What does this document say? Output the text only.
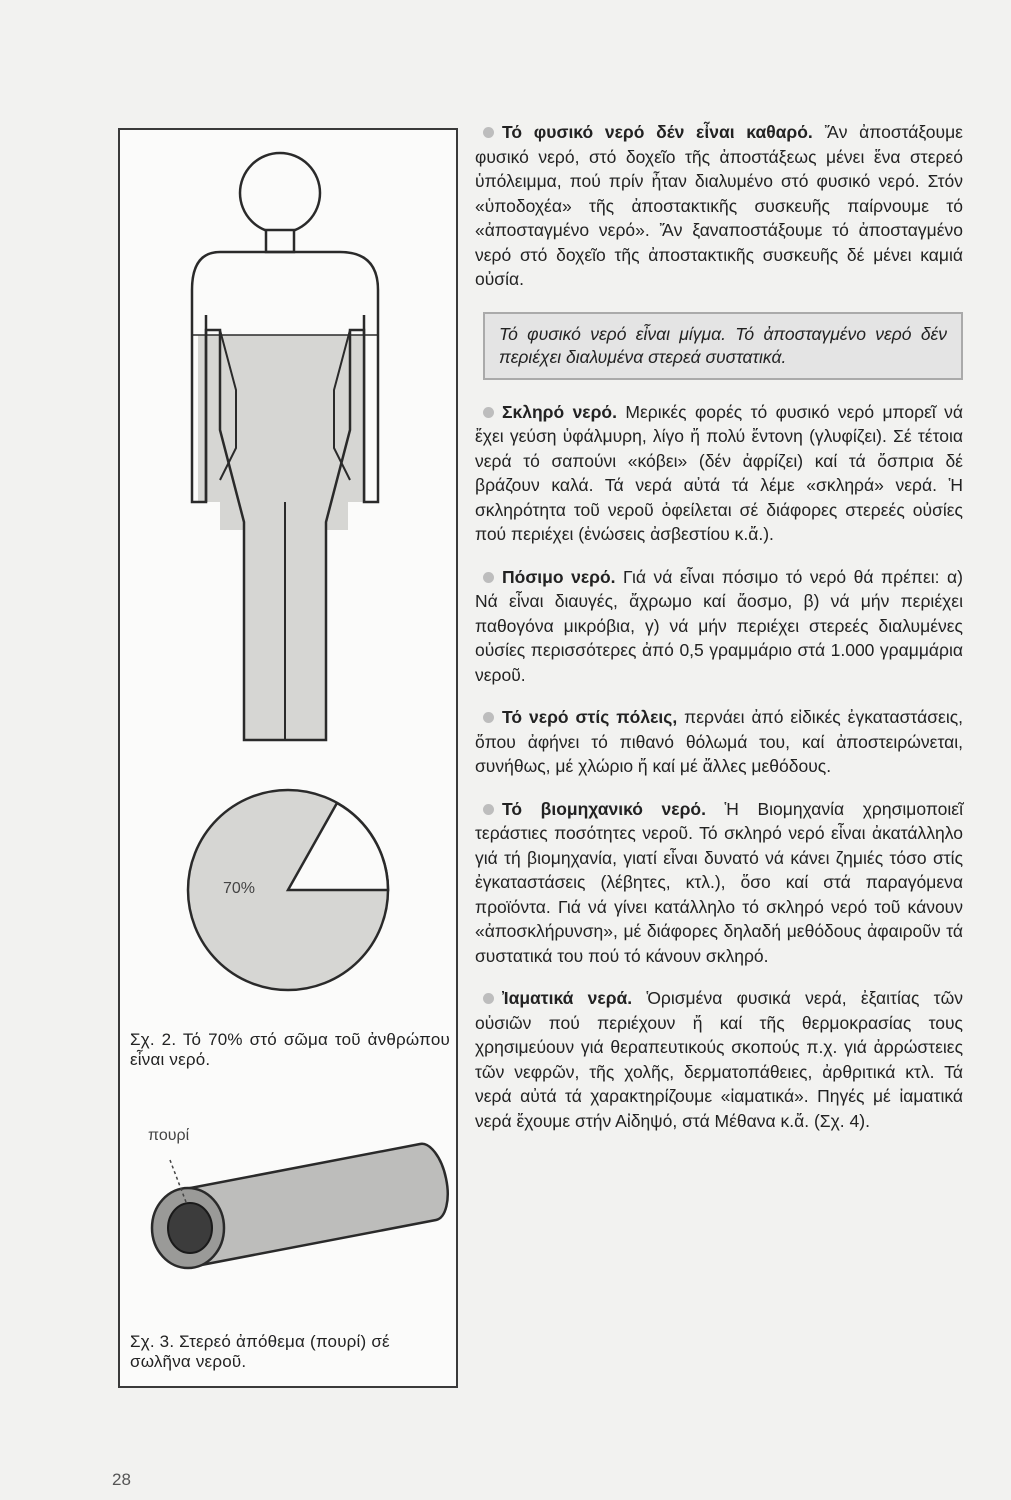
70%
Σχ. 2. Τό 70% στό σῶμα τοῦ ἀνθρώπου εἶναι νερό.
πουρί
Σχ. 3. Στερεό ἀπόθεμα (πουρί) σέ σωλῆνα νεροῦ.

Τό φυσικό νερό δέν εἶναι καθαρό. Ἄν ἀποστάξουμε φυσικό νερό, στό δοχεῖο τῆς ἀποστάξεως μένει ἕνα στερεό ὑπόλειμμα, πού πρίν ἦταν διαλυμένο στό φυσικό νερό. Στόν «ὑποδοχέα» τῆς ἀποστακτικῆς συσκευῆς παίρνουμε τό «ἀποσταγμένο νερό». Ἄν ξαναποστάξουμε τό ἀποσταγμένο νερό στό δοχεῖο τῆς ἀποστακτικῆς συσκευῆς δέ μένει καμιά οὐσία.

Τό φυσικό νερό εἶναι μίγμα. Τό ἀποσταγμένο νερό δέν περιέχει διαλυμένα στερεά συστατικά.

Σκληρό νερό. Μερικές φορές τό φυσικό νερό μπορεῖ νά ἔχει γεύση ὑφάλμυρη, λίγο ἤ πολύ ἔντονη (γλυφίζει). Σέ τέτοια νερά τό σαπούνι «κόβει» (δέν ἀφρίζει) καί τά ὄσπρια δέ βράζουν καλά. Τά νερά αὐτά τά λέμε «σκληρά» νερά. Ἡ σκληρότητα τοῦ νεροῦ ὀφείλεται σέ διάφορες στερεές οὐσίες πού περιέχει (ἑνώσεις ἀσβεστίου κ.ἄ.).

Πόσιμο νερό. Γιά νά εἶναι πόσιμο τό νερό θά πρέπει: α) Νά εἶναι διαυγές, ἄχρωμο καί ἄοσμο, β) νά μήν περιέχει παθογόνα μικρόβια, γ) νά μήν περιέχει στερεές διαλυμένες οὐσίες περισσότερες ἀπό 0,5 γραμμάριο στά 1.000 γραμμάρια νεροῦ.

Τό νερό στίς πόλεις, περνάει ἀπό εἰδικές ἐγκαταστάσεις, ὅπου ἀφήνει τό πιθανό θόλωμά του, καί ἀποστειρώνεται, συνήθως, μέ χλώριο ἤ καί μέ ἄλλες μεθόδους.

Τό βιομηχανικό νερό. Ἡ Βιομηχανία χρησιμοποιεῖ τεράστιες ποσότητες νεροῦ. Τό σκληρό νερό εἶναι ἀκατάλληλο γιά τή βιομηχανία, γιατί εἶναι δυνατό νά κάνει ζημιές τόσο στίς ἐγκαταστάσεις (λέβητες, κτλ.), ὅσο καί στά παραγόμενα προϊόντα. Γιά νά γίνει κατάλληλο τό σκληρό νερό τοῦ κάνουν «ἀποσκλήρυνση», μέ διάφορες δηλαδή μεθόδους ἀφαιροῦν τά συστατικά του πού τό κάνουν σκληρό.

Ἰαματικά νερά. Ὁρισμένα φυσικά νερά, ἐξαιτίας τῶν οὐσιῶν πού περιέχουν ἤ καί τῆς θερμοκρασίας τους χρησιμεύουν γιά θεραπευτικούς σκοπούς π.χ. γιά ἀρρώστειες τῶν νεφρῶν, τῆς χολῆς, δερματοπάθειες, ἀρθριτικά κτλ. Τά νερά αὐτά τά χαρακτηρίζουμε «ἰαματικά». Πηγές μέ ἰαματικά νερά ἔχουμε στήν Αἰδηψό, στά Μέθανα κ.ἄ. (Σχ. 4).

28
